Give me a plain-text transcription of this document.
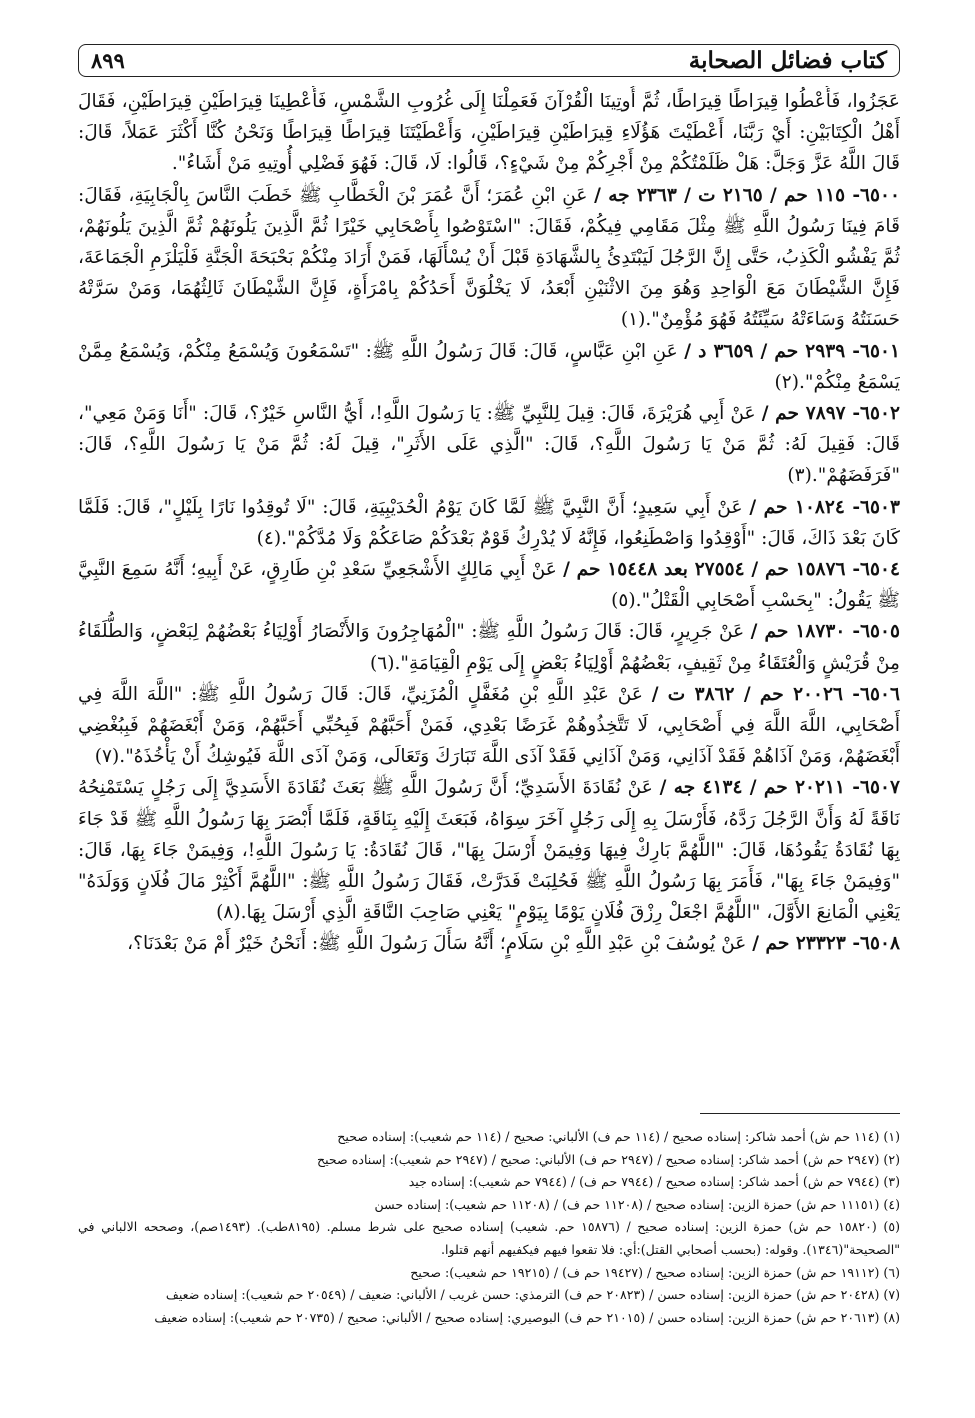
كتاب فضائل الصحابة
٨٩٩

عَجَزُوا، فَأُعْطُوا قِيرَاطًا قِيرَاطًا، ثُمَّ أُوتِينَا الْقُرْآنَ فَعَمِلْنَا إِلَى غُرُوبِ الشَّمْسِ، فَأُعْطِينَا قِيرَاطَيْنِ قِيرَاطَيْنِ، فَقَالَ أَهْلُ الْكِتَابَيْنِ: أَيْ رَبَّنَا، أَعْطَيْتَ هَؤُلَاءِ قِيرَاطَيْنِ قِيرَاطَيْنِ، وَأَعْطَيْتَنَا قِيرَاطًا قِيرَاطًا وَنَحْنُ كُنَّا أَكْثَرَ عَمَلاً، قَالَ: قَالَ اللَّهُ عَزَّ وَجَلَّ: هَلْ ظَلَمْتُكُمْ مِنْ أَجْرِكُمْ مِنْ شَيْءٍ؟، قَالُوا: لَا، قَالَ: فَهُوَ فَضْلِي أُوتِيهِ مَنْ أَشَاءُ".

٦٥٠٠- ١١٥ حم / ٢١٦٥ ت / ٢٣٦٣ جه / عَنِ ابْنِ عُمَرَ؛ أَنَّ عُمَرَ بْنَ الْخَطَّابِ ﷺ خَطَبَ النَّاسَ بِالْجَابِيَةِ، فَقَالَ: قَامَ فِينَا رَسُولُ اللَّهِ ﷺ مِثْلَ مَقَامِي فِيكُمْ، فَقَالَ: "اسْتَوْصُوا بِأَصْحَابِي خَيْرًا ثُمَّ الَّذِينَ يَلُونَهُمْ ثُمَّ الَّذِينَ يَلُونَهُمْ، ثُمَّ يَفْشُو الْكَذِبُ، حَتَّى إِنَّ الرَّجُلَ لَيَبْتَدِئُ بِالشَّهَادَةِ قَبْلَ أَنْ يُسْأَلَهَا، فَمَنْ أَرَادَ مِنْكُمْ بَحْبَحَةَ الْجَنَّةِ فَلْيَلْزَمِ الْجَمَاعَةَ، فَإِنَّ الشَّيْطَانَ مَعَ الْوَاحِدِ وَهُوَ مِنَ الاثْنَيْنِ أَبْعَدُ، لَا يَخْلُوَنَّ أَحَدُكُمْ بِامْرَأَةٍ، فَإِنَّ الشَّيْطَانَ ثَالِثُهُمَا، وَمَنْ سَرَّتْهُ حَسَنَتُهُ وَسَاءَتْهُ سَيِّئَتُهُ فَهُوَ مُؤْمِنٌ".(١)

٦٥٠١- ٢٩٣٩ حم / ٣٦٥٩ د / عَنِ ابْنِ عَبَّاسٍ، قَالَ: قَالَ رَسُولُ اللَّهِ ﷺ: "تَسْمَعُونَ وَيُسْمَعُ مِنْكُمْ، وَيُسْمَعُ مِمَّنْ يَسْمَعُ مِنْكُمْ".(٢)

٦٥٠٢- ٧٨٩٧ حم / عَنْ أَبِي هُرَيْرَةَ، قَالَ: قِيلَ لِلنَّبِيِّ ﷺ: يَا رَسُولَ اللَّهِ!، أَيُّ النَّاسِ خَيْرٌ؟، قَالَ: "أَنَا وَمَنْ مَعِي"، قَالَ: فَقِيلَ لَهُ: ثُمَّ مَنْ يَا رَسُولَ اللَّهِ؟، قَالَ: "الَّذِي عَلَى الأَثَرِ"، قِيلَ لَهُ: ثُمَّ مَنْ يَا رَسُولَ اللَّهِ؟، قَالَ: "فَرَفَضَهُمْ".(٣)

٦٥٠٣- ١٠٨٢٤ حم / عَنْ أَبِي سَعِيدٍ؛ أَنَّ النَّبِيَّ ﷺ لَمَّا كَانَ يَوْمُ الْحُدَيْبِيَةِ، قَالَ: "لَا تُوقِدُوا نَارًا بِلَيْلٍ"، قَالَ: فَلَمَّا كَانَ بَعْدَ ذَاكَ، قَالَ: "أَوْقِدُوا وَاصْطَنِعُوا، فَإِنَّهُ لَا يُدْرِكُ قَوْمٌ بَعْدَكُمْ صَاعَكُمْ وَلَا مُدَّكُمْ".(٤)

٦٥٠٤- ١٥٨٧٦ حم / ٢٧٥٥٤ بعد ١٥٤٤٨ حم / عَنْ أَبِي مَالِكٍ الأَشْجَعِيِّ سَعْدِ بْنِ طَارِقٍ، عَنْ أَبِيهِ؛ أَنَّهُ سَمِعَ النَّبِيَّ ﷺ يَقُولُ: "بِحَسْبِ أَصْحَابِي الْقَتْلُ".(٥)

٦٥٠٥- ١٨٧٣٠ حم / عَنْ جَرِيرٍ، قَالَ: قَالَ رَسُولُ اللَّهِ ﷺ: "الْمُهَاجِرُونَ وَالأَنْصَارُ أَوْلِيَاءُ بَعْضُهُمْ لِبَعْضٍ، وَالطُّلَقَاءُ مِنْ قُرَيْشٍ وَالْعُتَقَاءُ مِنْ ثَقِيفٍ، بَعْضُهُمْ أَوْلِيَاءُ بَعْضٍ إِلَى يَوْمِ الْقِيَامَةِ".(٦)

٦٥٠٦- ٢٠٠٢٦ حم / ٣٨٦٢ ت / عَنْ عَبْدِ اللَّهِ بْنِ مُغَفَّلٍ الْمُزَنِيِّ، قَالَ: قَالَ رَسُولُ اللَّهِ ﷺ: "اللَّهَ اللَّهَ فِي أَصْحَابِي، اللَّهَ اللَّهَ فِي أَصْحَابِي، لَا تَتَّخِذُوهُمْ غَرَضًا بَعْدِي، فَمَنْ أَحَبَّهُمْ فَبِحُبِّي أَحَبَّهُمْ، وَمَنْ أَبْغَضَهُمْ فَبِبُغْضِي أَبْغَضَهُمْ، وَمَنْ آذَاهُمْ فَقَدْ آذَانِي، وَمَنْ آذَانِي فَقَدْ آذَى اللَّهَ تَبَارَكَ وَتَعَالَى، وَمَنْ آذَى اللَّهَ فَيُوشِكُ أَنْ يَأْخُذَهُ".(٧)

٦٥٠٧- ٢٠٢١١ حم / ٤١٣٤ جه / عَنْ نُقَادَةَ الأَسَدِيِّ؛ أَنَّ رَسُولَ اللَّهِ ﷺ بَعَثَ نُقَادَةَ الأَسَدِيَّ إِلَى رَجُلٍ يَسْتَمْنِحُهُ نَاقَةً لَهُ وَأَنَّ الرَّجُلَ رَدَّهُ، فَأَرْسَلَ بِهِ إِلَى رَجُلٍ آخَرَ سِوَاهُ، فَبَعَثَ إِلَيْهِ بِنَاقَةٍ، فَلَمَّا أَبْصَرَ بِهَا رَسُولُ اللَّهِ ﷺ قَدْ جَاءَ بِهَا نُقَادَةُ يَقُودُهَا، قَالَ: "اللَّهُمَّ بَارِكْ فِيهَا وَفِيمَنْ أَرْسَلَ بِهَا"، قَالَ نُقَادَةُ: يَا رَسُولَ اللَّهِ!، وَفِيمَنْ جَاءَ بِهَا، قَالَ: "وَفِيمَنْ جَاءَ بِهَا"، فَأَمَرَ بِهَا رَسُولُ اللَّهِ ﷺ فَحُلِبَتْ فَدَرَّتْ، فَقَالَ رَسُولُ اللَّهِ ﷺ: "اللَّهُمَّ أَكْثِرْ مَالَ فُلَانٍ وَوَلَدَهُ" يَعْنِي الْمَانِعَ الأَوَّلَ، "اللَّهُمَّ اجْعَلْ رِزْقَ فُلَانٍ يَوْمًا بِيَوْمٍ" يَعْنِي صَاحِبَ النَّاقَةِ الَّذِي أَرْسَلَ بِهَا.(٨)

٦٥٠٨- ٢٣٣٢٣ حم / عَنْ يُوسُفَ بْنِ عَبْدِ اللَّهِ بْنِ سَلَامٍ؛ أَنَّهُ سَأَلَ رَسُولَ اللَّهِ ﷺ: أَنَحْنُ خَيْرٌ أَمْ مَنْ بَعْدَنَا؟،

(١) (١١٤ حم ش) أحمد شاكر: إسناده صحيح / (١١٤ حم ف) الألباني: صحيح / (١١٤ حم شعيب): إسناده صحيح

(٢) (٢٩٤٧ حم ش) أحمد شاكر: إسناده صحيح / (٢٩٤٧ حم ف) الألباني: صحيح / (٢٩٤٧ حم شعيب): إسناده صحيح

(٣) (٧٩٤٤ حم ش) أحمد شاكر: إسناده صحيح / (٧٩٤٤ حم ف) / (٧٩٤٤ حم شعيب): إسناده جيد

(٤) (١١١٥١ حم ش) حمزة الزين: إسناده صحيح / (١١٢٠٨ حم ف) / (١١٢٠٨ حم شعيب): إسناده حسن

(٥) (١٥٨٢٠ حم ش) حمزة الزين: إسناده صحيح / (١٥٨٧٦ حم. شعيب) إسناده صحيح على شرط مسلم. (٨١٩٥طب). (١٤٩٣صم)، وصححه الالباني في "الصحيحة"(١٣٤٦). وقوله: (بحسب أصحابي القتل):أي: فلا تقعوا فيهم فيكفيهم أنهم قتلوا.

(٦) (١٩١١٢ حم ش) حمزة الزين: إسناده صحيح / (١٩٤٢٧ حم ف) / (١٩٢١٥ حم شعيب): صحيح

(٧) (٢٠٤٢٨ حم ش) حمزة الزين: إسناده حسن / (٢٠٨٢٣ حم ف) الترمذي: حسن غريب / الألباني: ضعيف / (٢٠٥٤٩ حم شعيب): إسناده ضعيف

(٨) (٢٠٦١٣ حم ش) حمزة الزين: إسناده حسن / (٢١٠١٥ حم ف) البوصيري: إسناده صحيح / الألباني: صحيح / (٢٠٧٣٥ حم شعيب): إسناده ضعيف
